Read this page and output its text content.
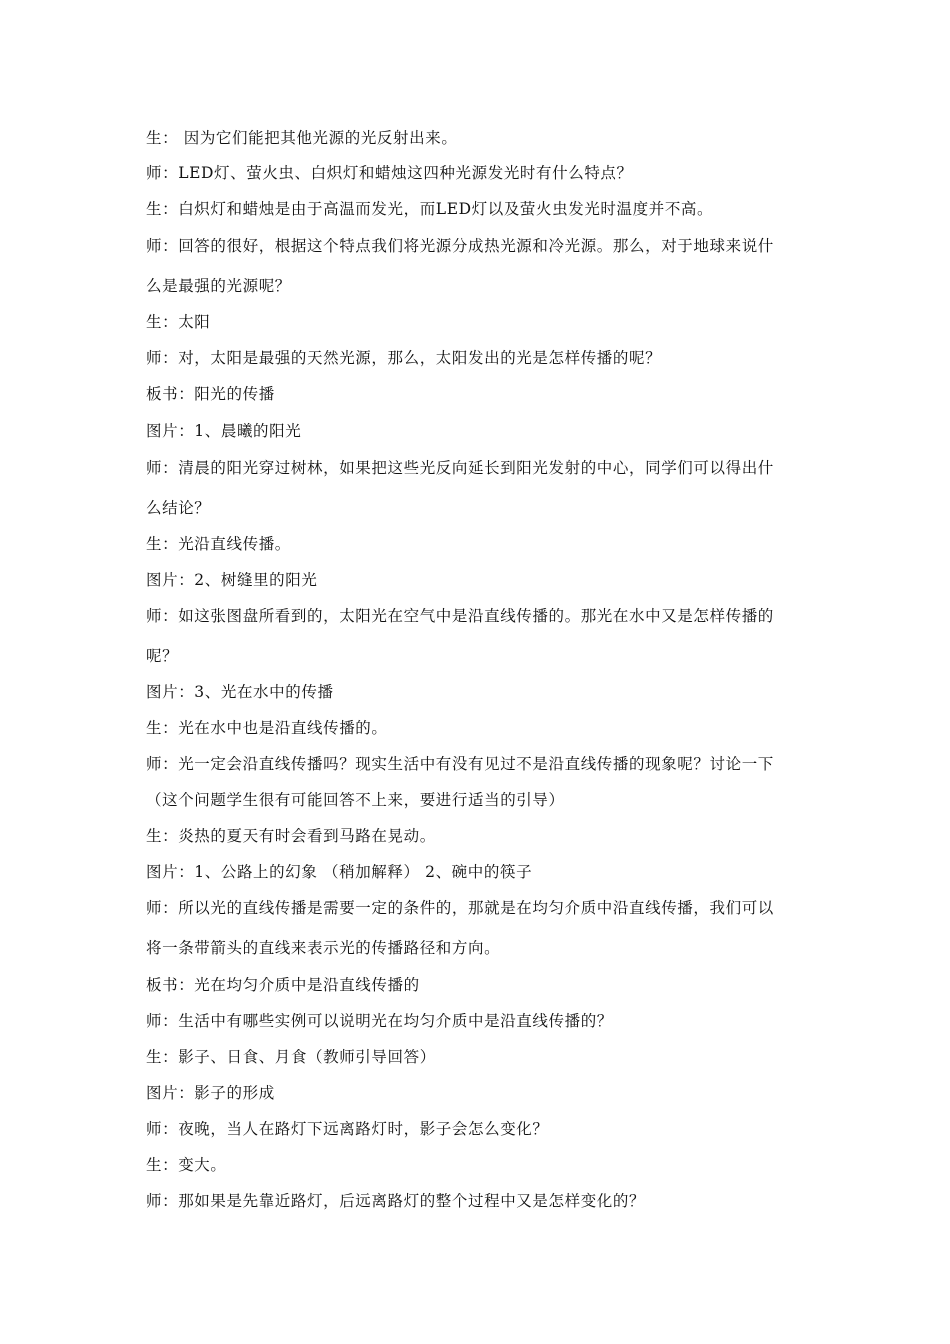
生： 因为它们能把其他光源的光反射出来。
师：LED灯、萤火虫、白炽灯和蜡烛这四种光源发光时有什么特点？
生：白炽灯和蜡烛是由于高温而发光，而LED灯以及萤火虫发光时温度并不高。
师：回答的很好，根据这个特点我们将光源分成热光源和冷光源。那么，对于地球来说什
么是最强的光源呢？
生：太阳
师：对，太阳是最强的天然光源，那么，太阳发出的光是怎样传播的呢？
板书：阳光的传播
图片：1、晨曦的阳光
师：清晨的阳光穿过树林，如果把这些光反向延长到阳光发射的中心，同学们可以得出什
么结论？
生：光沿直线传播。
图片：2、树缝里的阳光
师：如这张图盘所看到的，太阳光在空气中是沿直线传播的。那光在水中又是怎样传播的
呢？
图片：3、光在水中的传播
生：光在水中也是沿直线传播的。
师：光一定会沿直线传播吗？现实生活中有没有见过不是沿直线传播的现象呢？讨论一下
（这个问题学生很有可能回答不上来，要进行适当的引导）
生：炎热的夏天有时会看到马路在晃动。
图片：1、公路上的幻象 （稍加解释） 2、碗中的筷子
师：所以光的直线传播是需要一定的条件的，那就是在均匀介质中沿直线传播，我们可以
将一条带箭头的直线来表示光的传播路径和方向。
板书：光在均匀介质中是沿直线传播的
师：生活中有哪些实例可以说明光在均匀介质中是沿直线传播的？
生：影子、日食、月食（教师引导回答）
图片：影子的形成
师：夜晚，当人在路灯下远离路灯时，影子会怎么变化？
生：变大。
师：那如果是先靠近路灯，后远离路灯的整个过程中又是怎样变化的？
